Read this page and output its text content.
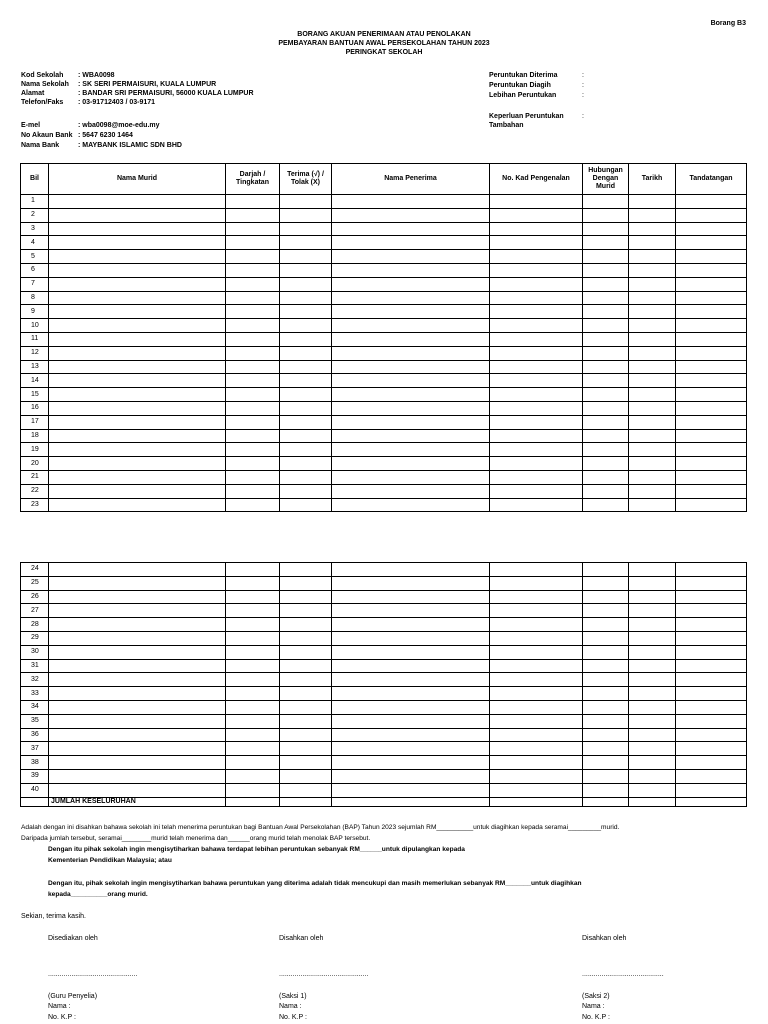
Borang B3
BORANG AKUAN PENERIMAAN ATAU PENOLAKAN
PEMBAYARAN BANTUAN AWAL PERSEKOLAHAN TAHUN 2023
PERINGKAT SEKOLAH
Kod Sekolah : WBA0098
Nama Sekolah : SK SERI PERMAISURI, KUALA LUMPUR
Alamat	: BANDAR SRI PERMAISURI, 56000 KUALA LUMPUR
Telefon/Faks : 03-91712403 / 03-9171
E-mel	: wba0098@moe-edu.my
No Akaun Bank : 5647 6230 1464
Nama Bank	: MAYBANK ISLAMIC SDN BHD
Peruntukan Diterima	:
Peruntukan Diagih	:
Lebihan Peruntukan	:
Keperluan Peruntukan	:
Tambahan
Bil	Nama Murid	Darjah / Tingkatan	Terima (√) / Tolak (X)	Nama Penerima	No. Kad Pengenalan	Hubungan Dengan Murid	Tarikh	Tandatangan
1								
2								
3								
4								
5								
6								
7								
8								
9								
10								
11								
12								
13								
14								
15								
16								
17								
18								
19								
20								
21								
22								
23								
24								
25								
26								
27								
28								
29								
30								
31								
32								
33								
34								
35								
36								
37								
38								
39								
40								
	JUMLAH KESELURUHAN							
Adalah dengan ini disahkan bahawa sekolah ini telah menerima peruntukan bagi Bantuan Awal Persekolahan (BAP) Tahun 2023 sejumlah RM__________untuk diagihkan kepada seramai_________murid.
Daripada jumlah tersebut, seramai________murid telah menerima dan______orang murid telah menolak BAP tersebut.
Dengan itu pihak sekolah ingin mengisytiharkan bahawa terdapat lebihan peruntukan sebanyak RM______untuk dipulangkan kepada
Kementerian Pendidikan Malaysia; atau
Dengan itu, pihak sekolah ingin mengisytiharkan bahawa peruntukan yang diterima adalah tidak mencukupi dan masih memerlukan sebanyak RM_______untuk diagihkan
kepada__________orang murid.
Sekian, terima kasih.
Disediakan oleh
..............................................
(Guru Penyelia)
Nama :
No. K.P :
Disahkan oleh
..............................................
(Saksi 1)
Nama :
No. K.P :
Disahkan oleh
..........................................
(Saksi 2)
Nama :
No. K.P :
